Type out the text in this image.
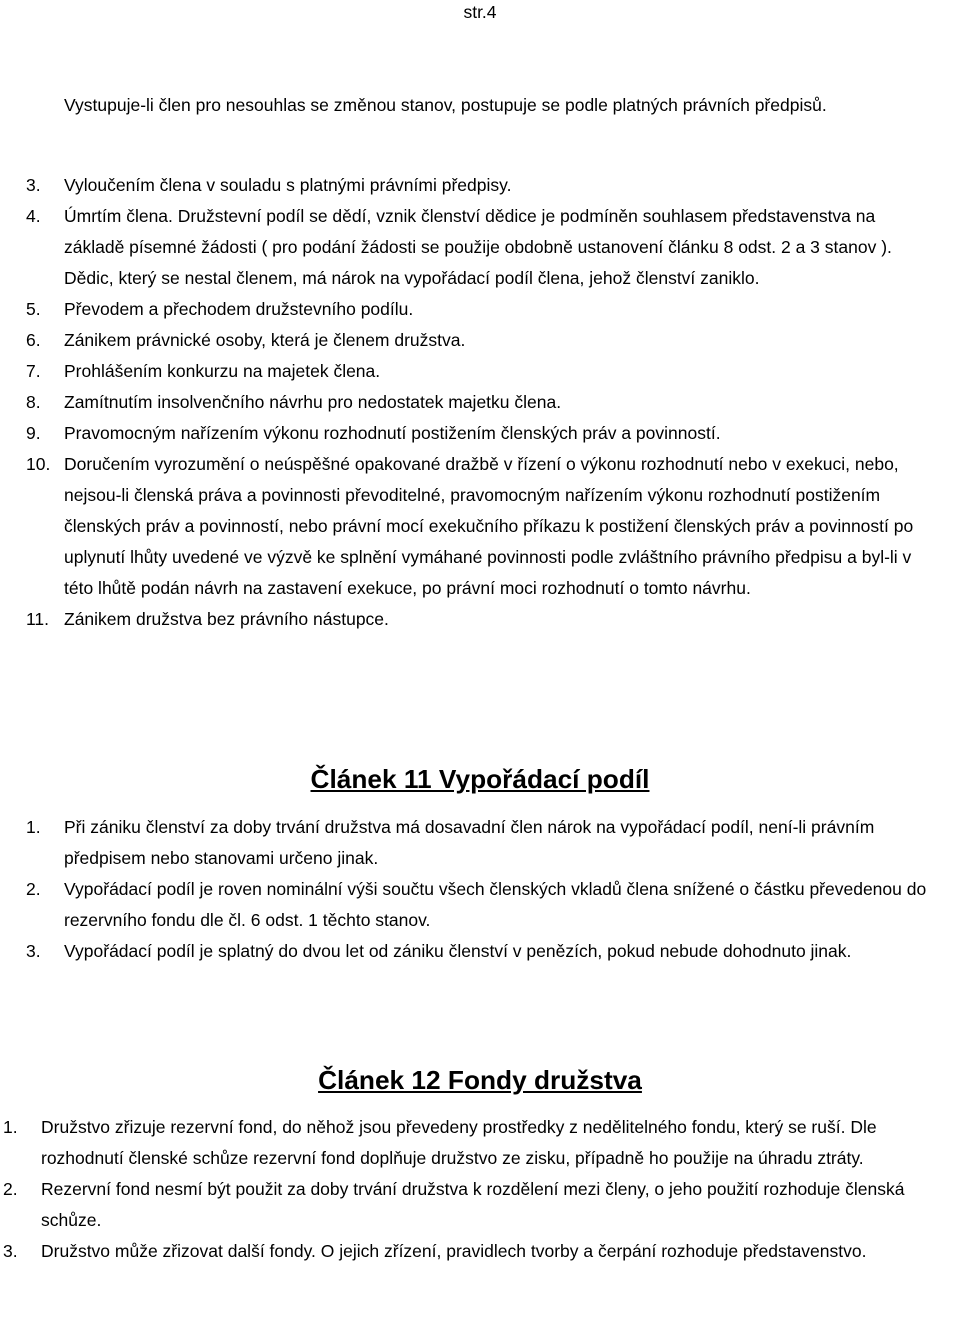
str.4

Vystupuje-li člen pro nesouhlas se změnou stanov, postupuje se podle platných právních předpisů.

3.	Vyloučením člena v souladu s platnými právními předpisy.
4.	Úmrtím člena. Družstevní podíl se dědí, vznik členství dědice je podmíněn souhlasem představenstva na základě písemné žádosti ( pro podání žádosti se použije obdobně ustanovení článku 8 odst. 2 a 3 stanov ). Dědic, který se nestal členem, má nárok na vypořádací podíl člena, jehož členství zaniklo.
5.	Převodem a přechodem družstevního podílu.
6.	Zánikem právnické osoby, která je členem družstva.
7.	Prohlášením konkurzu na majetek člena.
8.	Zamítnutím insolvenčního návrhu pro nedostatek majetku člena.
9.	Pravomocným nařízením výkonu rozhodnutí postižením členských práv a povinností.
10. Doručením vyrozumění o neúspěšné opakované dražbě v řízení o výkonu rozhodnutí nebo v exekuci, nebo, nejsou-li členská práva a povinnosti převoditelné, pravomocným nařízením výkonu rozhodnutí postižením členských práv a povinností, nebo právní mocí exekučního příkazu k postižení členských práv a povinností po uplynutí lhůty uvedené ve výzvě ke splnění vymáhané povinnosti podle zvláštního právního předpisu a byl-li v této lhůtě podán návrh na zastavení exekuce, po právní moci rozhodnutí o tomto návrhu.
11. Zánikem družstva bez právního nástupce.
Článek 11 Vypořádací podíl
1.	Při zániku členství za doby trvání družstva má dosavadní člen nárok na vypořádací podíl, není-li právním předpisem nebo stanovami určeno jinak.
2.	Vypořádací podíl je roven nominální výši součtu všech členských vkladů člena snížené o částku převedenou do rezervního fondu dle čl. 6 odst. 1 těchto stanov.
3.	Vypořádací podíl je splatný do dvou let od zániku členství v penězích, pokud nebude dohodnuto jinak.
Článek 12 Fondy družstva
1.	Družstvo zřizuje rezervní fond, do něhož jsou převedeny prostředky z nedělitelného fondu, který se ruší. Dle rozhodnutí členské schůze rezervní fond doplňuje družstvo ze zisku, případně ho použije na úhradu ztráty.
2.	Rezervní fond nesmí být použit za doby trvání družstva k rozdělení mezi členy, o jeho použití rozhoduje členská schůze.
3.	Družstvo může zřizovat další fondy. O jejich zřízení, pravidlech tvorby a čerpání rozhoduje představenstvo.
